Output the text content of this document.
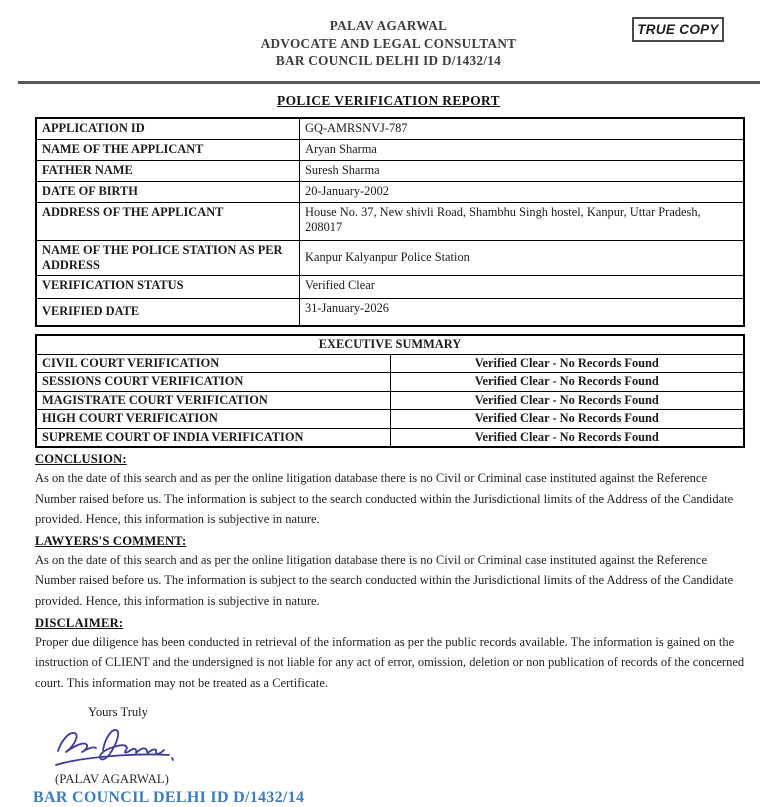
TRUE COPY
PALAV AGARWAL
ADVOCATE AND LEGAL CONSULTANT
BAR COUNCIL DELHI ID D/1432/14
POLICE VERIFICATION REPORT
APPLICATION ID	GQ-AMRSNVJ-787
NAME OF THE APPLICANT	Aryan Sharma
FATHER NAME	Suresh Sharma
DATE OF BIRTH	20-January-2002
ADDRESS OF THE APPLICANT	House No. 37, New shivli Road, Shambhu Singh hostel, Kanpur, Uttar Pradesh, 208017
NAME OF THE POLICE STATION AS PER ADDRESS	Kanpur Kalyanpur Police Station
VERIFICATION STATUS	Verified Clear
VERIFIED DATE	31-January-2026
EXECUTIVE SUMMARY	
CIVIL COURT VERIFICATION	Verified Clear - No Records Found
SESSIONS COURT VERIFICATION	Verified Clear - No Records Found
MAGISTRATE COURT VERIFICATION	Verified Clear - No Records Found
HIGH COURT VERIFICATION	Verified Clear - No Records Found
SUPREME COURT OF INDIA VERIFICATION	Verified Clear - No Records Found
CONCLUSION:

As on the date of this search and as per the online litigation database there is no Civil or Criminal case instituted against the Reference Number raised before us. The information is subject to the search conducted within the Jurisdictional limits of the Address of the Candidate provided. Hence, this information is subjective in nature.

LAWYERS'S COMMENT:

As on the date of this search and as per the online litigation database there is no Civil or Criminal case instituted against the Reference Number raised before us. The information is subject to the search conducted within the Jurisdictional limits of the Address of the Candidate provided. Hence, this information is subjective in nature.

DISCLAIMER:

Proper due diligence has been conducted in retrieval of the information as per the public records available. The information is gained on the instruction of CLIENT and the undersigned is not liable for any act of error, omission, deletion or non publication of records of the concerned court. This information may not be treated as a Certificate.

Yours Truly
(PALAV AGARWAL)
BAR COUNCIL DELHI ID D/1432/14
